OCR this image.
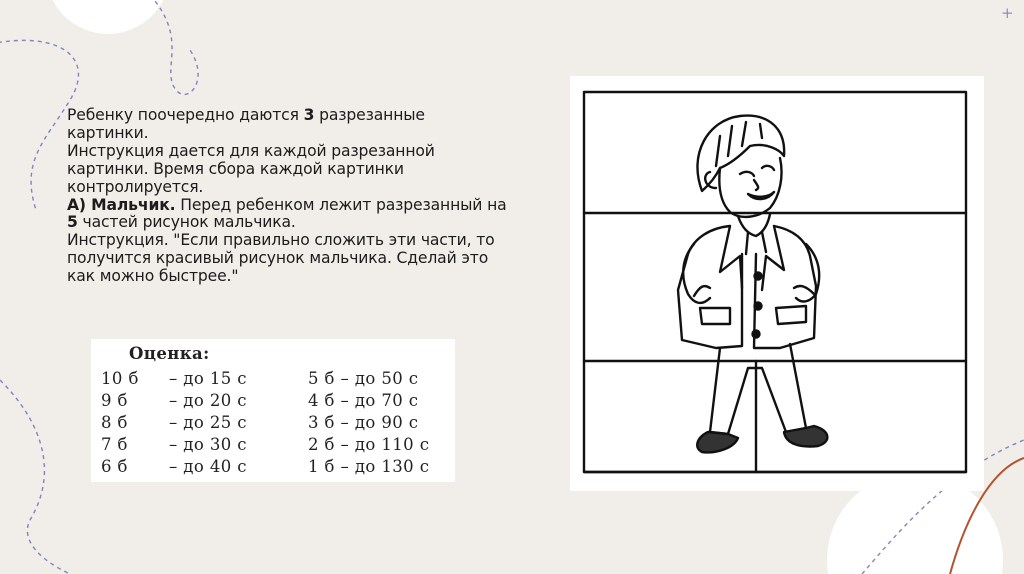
+
Ребенку поочередно даются 3 разрезанные
картинки.
Инструкция дается для каждой разрезанной
картинки. Время сбора каждой картинки
контролируется.
А) Мальчик. Перед ребенком лежит разрезанный на
5 частей рисунок мальчика.
Инструкция. "Если правильно сложить эти части, то
получится красивый рисунок мальчика. Сделай это
как можно быстрее."
Оценка:
10 б – до 15 с	5 б – до 50 с
9 б – до 20 с	4 б – до 70 с
8 б – до 25 с	3 б – до 90 с
7 б – до 30 с	2 б – до 110 с
6 б – до 40 с	1 б – до 130 с
